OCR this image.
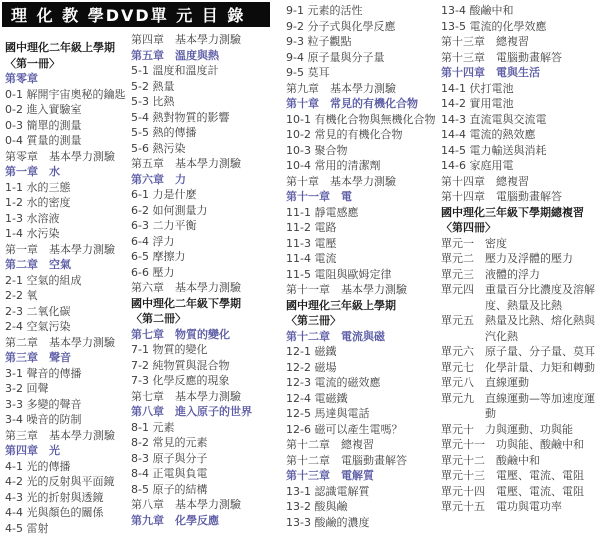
理 化 教 學DVD單 元 目 錄
國中理化二年級上學期
〈第一冊〉
第零章
0-1 解開宇宙奧秘的鑰匙
0-2 進入實驗室
0-3 簡單的測量
0-4 質量的測量
第零章　基本學力測驗
第一章　水
1-1 水的三態
1-2 水的密度
1-3 水溶液
1-4 水污染
第一章　基本學力測驗
第二章　空氣
2-1 空氣的組成
2-2 氧
2-3 二氧化碳
2-4 空氣污染
第二章　基本學力測驗
第三章　聲音
3-1 聲音的傳播
3-2 回聲
3-3 多變的聲音
3-4 噪音的防制
第三章　基本學力測驗
第四章　光
4-1 光的傳播
4-2 光的反射與平面鏡
4-3 光的折射與透鏡
4-4 光與顏色的關係
4-5 雷射
第四章　基本學力測驗
第五章　溫度與熱
5-1 溫度和溫度計
5-2 熱量
5-3 比熱
5-4 熱對物質的影響
5-5 熱的傳播
5-6 熱污染
第五章　基本學力測驗
第六章　力
6-1 力是什麼
6-2 如何測量力
6-3 二力平衡
6-4 浮力
6-5 摩擦力
6-6 壓力
第六章　基本學力測驗
國中理化二年級下學期
〈第二冊〉
第七章　物質的變化
7-1 物質的變化
7-2 純物質與混合物
7-3 化學反應的現象
第七章　基本學力測驗
第八章　進入原子的世界
8-1 元素
8-2 常見的元素
8-3 原子與分子
8-4 正電與負電
8-5 原子的結構
第八章　基本學力測驗
第九章　化學反應
9-1 元素的活性
9-2 分子式與化學反應
9-3 粒子觀點
9-4 原子量與分子量
9-5 莫耳
第九章　基本學力測驗
第十章　常見的有機化合物
10-1 有機化合物與無機化合物
10-2 常見的有機化合物
10-3 聚合物
10-4 常用的清潔劑
第十章　基本學力測驗
第十一章　電
11-1 靜電感應
11-2 電路
11-3 電壓
11-4 電流
11-5 電阻與歐姆定律
第十一章　基本學力測驗
國中理化三年級上學期
〈第三冊〉
第十二章　電流與磁
12-1 磁鐵
12-2 磁場
12-3 電流的磁效應
12-4 電磁鐵
12-5 馬達與電話
12-6 磁可以產生電嗎？
第十二章　總複習
第十二章　電腦動畫解答
第十三章　電解質
13-1 認識電解質
13-2 酸與鹼
13-3 酸鹼的濃度
13-4 酸鹼中和
13-5 電流的化學效應
第十三章　總複習
第十三章　電腦動畫解答
第十四章　電與生活
14-1 伏打電池
14-2 實用電池
14-3 直流電與交流電
14-4 電流的熱效應
14-5 電力輸送與消耗
14-6 家庭用電
第十四章　總複習
第十四章　電腦動畫解答
國中理化三年級下學期總複習
〈第四冊〉
單元一　密度
單元二　壓力及浮體的壓力
單元三　液體的浮力
單元四　重量百分比濃度及溶解度、熱量及比熱
單元五　熱量及比熱、熔化熱與汽化熱
單元六　原子量、分子量、莫耳
單元七　化學計量、力矩和轉動
單元八　直線運動
單元九　直線運動—等加速度運動
單元十　力與運動、功與能
單元十一　功與能、酸鹼中和
單元十二　酸鹼中和
單元十三　電壓、電流、電阻
單元十四　電壓、電流、電阻
單元十五　電功與電功率
